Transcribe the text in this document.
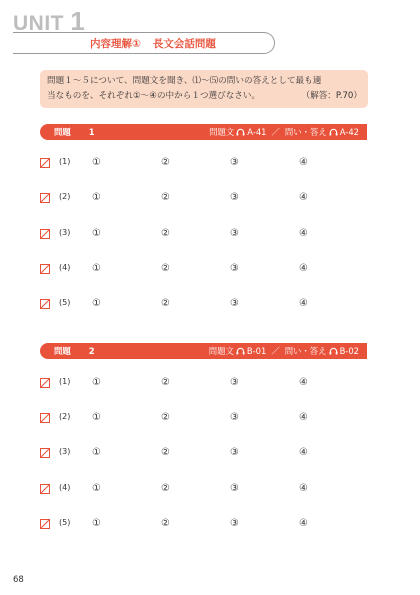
UNIT 1
内容理解① 長文会話問題
問題１～５について、問題文を聞き、⑴～⑸の問いの答えとして最も適
当なものを、それぞれ①～④の中から１つ選びなさい。	（解答：P.70）
問題 1	問題文 A-41 ／ 問い・答え A-42
(1) ①	②	③	④
(2) ①	②	③	④
(3) ①	②	③	④
(4) ①	②	③	④
(5) ①	②	③	④
問題 2	問題文 B-01 ／ 問い・答え B-02
(1) ①	②	③	④
(2) ①	②	③	④
(3) ①	②	③	④
(4) ①	②	③	④
(5) ①	②	③	④
68
